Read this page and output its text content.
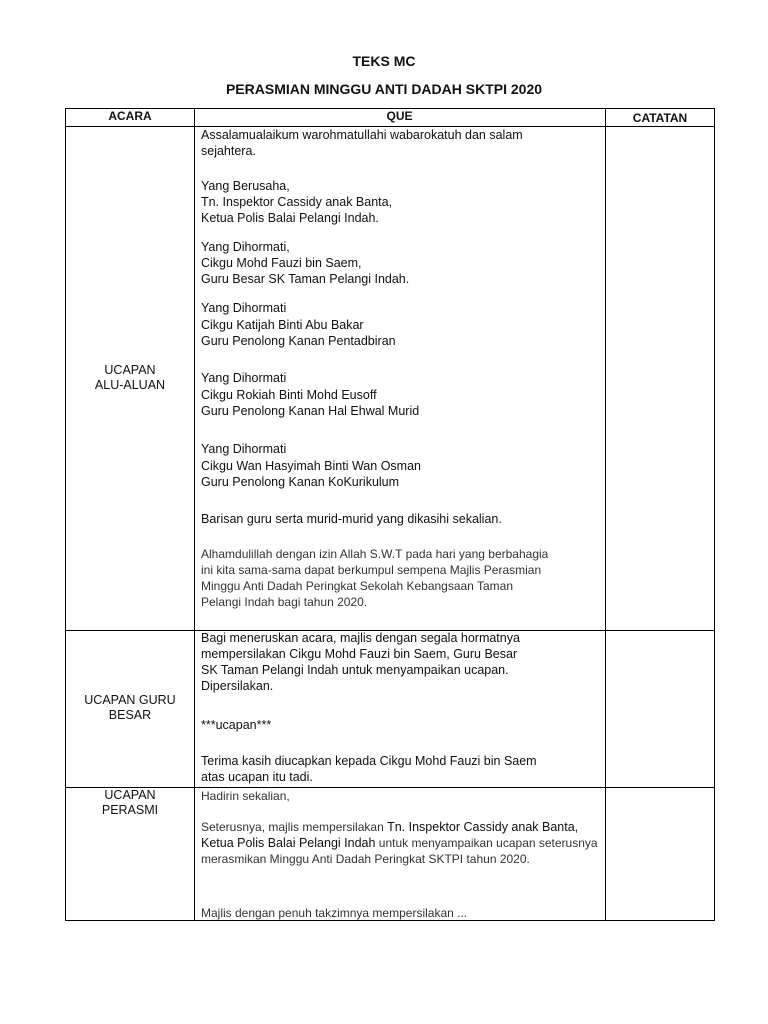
TEKS MC
PERASMIAN MINGGU ANTI DADAH SKTPI 2020
ACARA	QUE	CATATAN
UCAPAN
ALU-ALUAN

Assalamualaikum warohmatullahi wabarokatuh dan salam

sejahtera.

Yang Berusaha,

Tn. Inspektor Cassidy anak Banta,

Ketua Polis Balai Pelangi Indah.

Yang Dihormati,

Cikgu Mohd Fauzi bin Saem,

Guru Besar SK Taman Pelangi Indah.

Yang Dihormati

Cikgu Katijah Binti Abu Bakar

Guru Penolong Kanan Pentadbiran

Yang Dihormati

Cikgu Rokiah Binti Mohd Eusoff

Guru Penolong Kanan Hal Ehwal Murid

Yang Dihormati

Cikgu Wan Hasyimah Binti Wan Osman

Guru Penolong Kanan KoKurikulum

Barisan guru serta murid-murid yang dikasihi sekalian.

Alhamdulillah dengan izin Allah S.W.T pada hari yang berbahagia

ini kita sama-sama dapat berkumpul sempena Majlis Perasmian

Minggu Anti Dadah Peringkat Sekolah Kebangsaan Taman

Pelangi Indah bagi tahun 2020.

UCAPAN GURU
BESAR

Bagi meneruskan acara, majlis dengan segala hormatnya

mempersilakan Cikgu Mohd Fauzi bin Saem, Guru Besar

SK Taman Pelangi Indah untuk menyampaikan ucapan.

Dipersilakan.

***ucapan***

Terima kasih diucapkan kepada Cikgu Mohd Fauzi bin Saem

atas ucapan itu tadi.

UCAPAN
PERASMI

Hadirin sekalian,

Seterusnya, majlis mempersilakan Tn. Inspektor Cassidy anak Banta, Ketua Polis Balai Pelangi Indah untuk menyampaikan ucapan seterusnya merasmikan Minggu Anti Dadah Peringkat SKTPI tahun 2020.

Majlis dengan penuh takzimnya mempersilakan ...
